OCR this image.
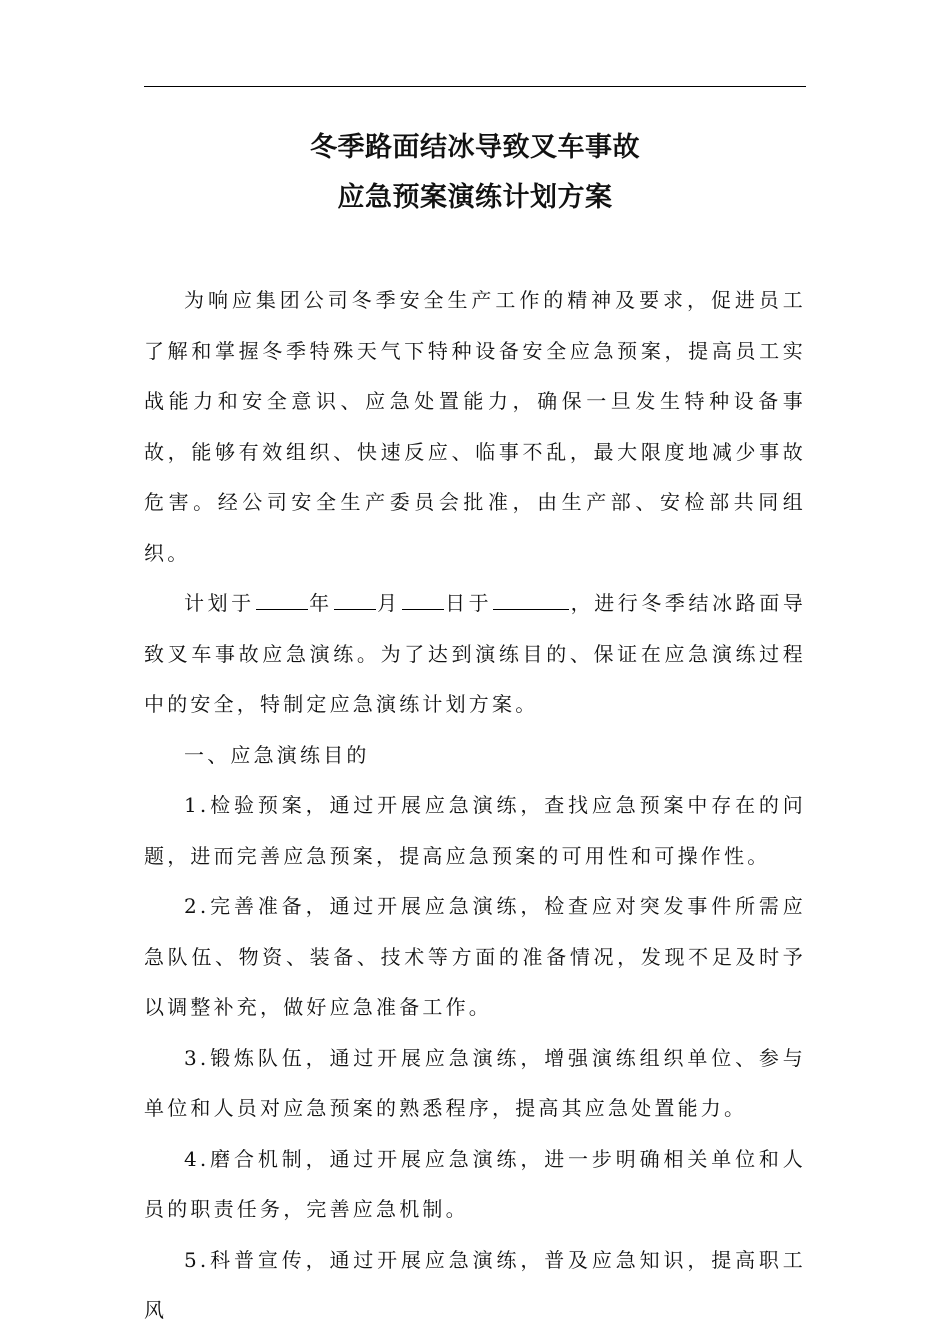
冬季路面结冰导致叉车事故
应急预案演练计划方案

为响应集团公司冬季安全生产工作的精神及要求，促进员工了解和掌握冬季特殊天气下特种设备安全应急预案，提高员工实战能力和安全意识、应急处置能力，确保一旦发生特种设备事故，能够有效组织、快速反应、临事不乱，最大限度地减少事故危害。经公司安全生产委员会批准，由生产部、安检部共同组织。

计划于	年 月 日于	，进行冬季结冰路面导致叉车事故应急演练。为了达到演练目的、保证在应急演练过程中的安全，特制定应急演练计划方案。

一、应急演练目的

1.检验预案，通过开展应急演练，查找应急预案中存在的问题，进而完善应急预案，提高应急预案的可用性和可操作性。

2.完善准备，通过开展应急演练，检查应对突发事件所需应急队伍、物资、装备、技术等方面的准备情况，发现不足及时予以调整补充，做好应急准备工作。

3.锻炼队伍，通过开展应急演练，增强演练组织单位、参与单位和人员对应急预案的熟悉程序，提高其应急处置能力。

4.磨合机制，通过开展应急演练，进一步明确相关单位和人员的职责任务，完善应急机制。

5.科普宣传，通过开展应急演练，普及应急知识，提高职工风
